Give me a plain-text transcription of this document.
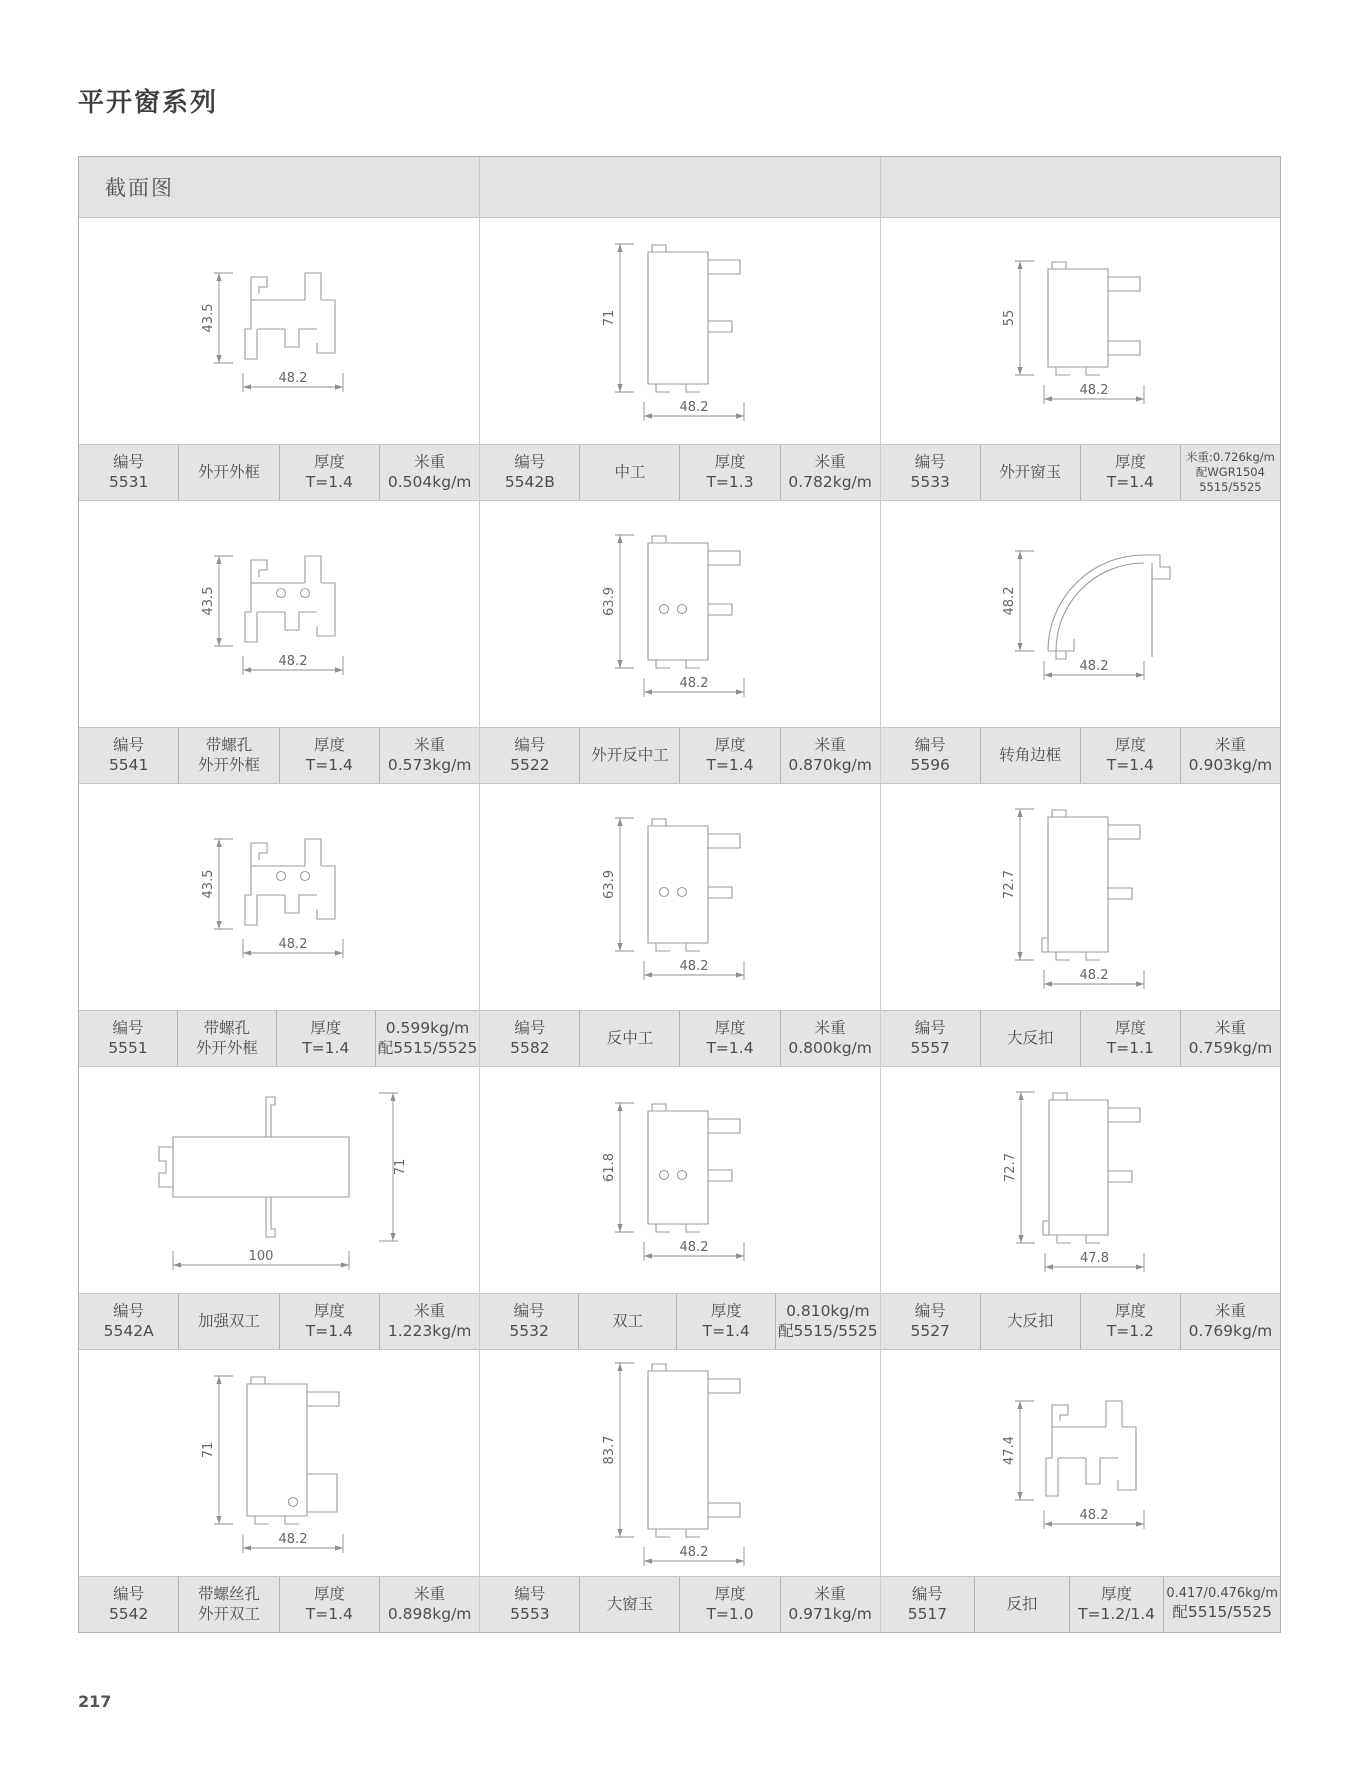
平开窗系列
截面图
43.5
48.2
编号
5531
外开外框
厚度
T=1.4
米重
0.504kg/m
71
48.2
编号
5542B
中工
厚度
T=1.3
米重
0.782kg/m
55
48.2
编号
5533
外开窗玉
厚度
T=1.4
米重:0.726kg/m
配WGR1504
5515/5525
43.5
48.2
编号
5541
带螺孔
外开外框
厚度
T=1.4
米重
0.573kg/m
63.9
48.2
编号
5522
外开反中工
厚度
T=1.4
米重
0.870kg/m
48.2
48.2
编号
5596
转角边框
厚度
T=1.4
米重
0.903kg/m
43.5
48.2
编号
5551
带螺孔
外开外框
厚度
T=1.4
0.599kg/m
配5515/5525
63.9
48.2
编号
5582
反中工
厚度
T=1.4
米重
0.800kg/m
72.7
48.2
编号
5557
大反扣
厚度
T=1.1
米重
0.759kg/m
71
100
编号
5542A
加强双工
厚度
T=1.4
米重
1.223kg/m
61.8
48.2
编号
5532
双工
厚度
T=1.4
0.810kg/m
配5515/5525
72.7
47.8
编号
5527
大反扣
厚度
T=1.2
米重
0.769kg/m
71
48.2
编号
5542
带螺丝孔
外开双工
厚度
T=1.4
米重
0.898kg/m
83.7
48.2
编号
5553
大窗玉
厚度
T=1.0
米重
0.971kg/m
47.4
48.2
编号
5517
反扣
厚度
T=1.2/1.4
0.417/0.476kg/m
配5515/5525
217
